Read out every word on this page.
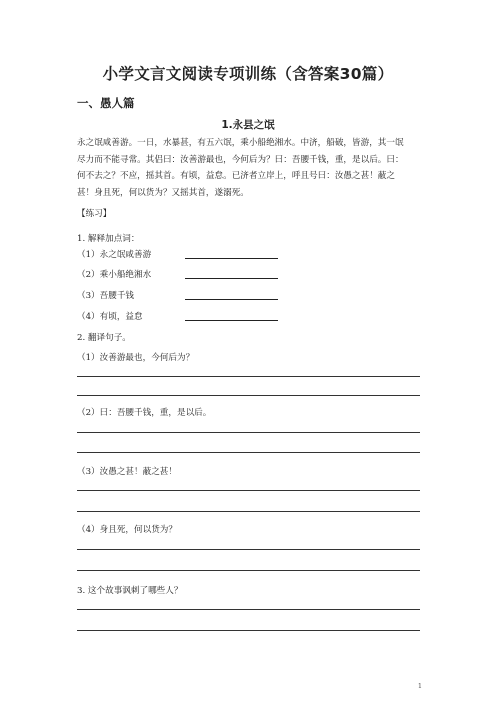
小学文言文阅读专项训练（含答案30篇）
一、愚人篇
1.永县之氓

永之氓咸善游。一日，水暴甚，有五六氓，乘小船绝湘水。中济，船破，皆游，其一氓

尽力而不能寻常。其侣曰：汝善游最也，今何后为？曰：吾腰千钱，重，是以后。曰：

何不去之？不应，摇其首。有顷，益怠。已济者立岸上，呼且号曰：汝愚之甚！蔽之

甚！身且死，何以货为？又摇其首，遂溺死。

【练习】
1. 解释加点词：
（1）永之氓咸善游
（2）乘小船绝湘水
（3）吾腰千钱
（4）有顷，益怠
2. 翻译句子。
（1）汝善游最也，今何后为？
（2）曰：吾腰千钱，重，是以后。
（3）汝愚之甚！蔽之甚！
（4）身且死，何以货为？
3. 这个故事讽刺了哪些人？
1
